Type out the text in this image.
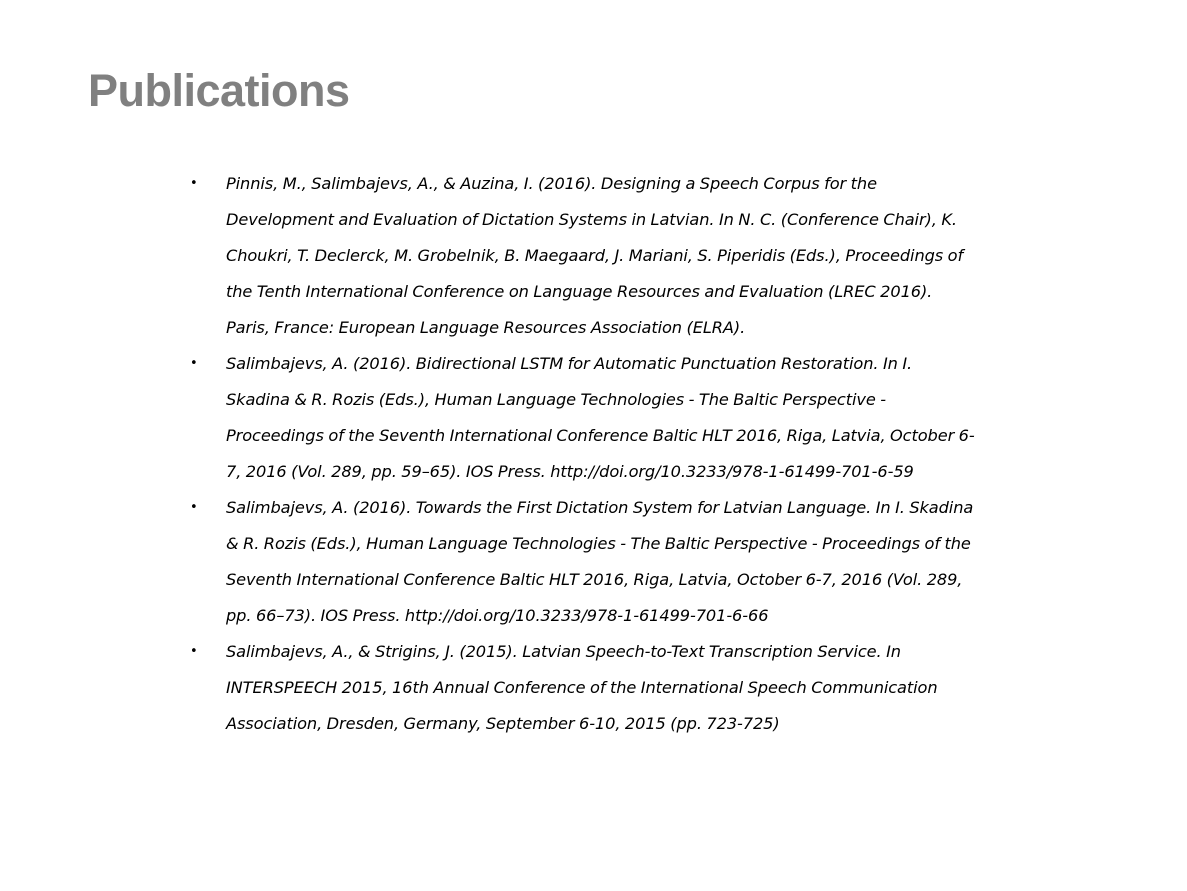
Publications
• Pinnis, M., Salimbajevs, A., & Auzina, I. (2016). Designing a Speech Corpus for the Development and Evaluation of Dictation Systems in Latvian. In N. C. (Conference Chair), K. Choukri, T. Declerck, M. Grobelnik, B. Maegaard, J. Mariani, S. Piperidis (Eds.), Proceedings of the Tenth International Conference on Language Resources and Evaluation (LREC 2016). Paris, France: European Language Resources Association (ELRA).
• Salimbajevs, A. (2016). Bidirectional LSTM for Automatic Punctuation Restoration. In I. Skadina & R. Rozis (Eds.), Human Language Technologies - The Baltic Perspective - Proceedings of the Seventh International Conference Baltic HLT 2016, Riga, Latvia, October 6-7, 2016 (Vol. 289, pp. 59–65). IOS Press. http://doi.org/10.3233/978-1-61499-701-6-59
• Salimbajevs, A. (2016). Towards the First Dictation System for Latvian Language. In I. Skadina & R. Rozis (Eds.), Human Language Technologies - The Baltic Perspective - Proceedings of the Seventh International Conference Baltic HLT 2016, Riga, Latvia, October 6-7, 2016 (Vol. 289, pp. 66–73). IOS Press. http://doi.org/10.3233/978-1-61499-701-6-66
• Salimbajevs, A., & Strigins, J. (2015). Latvian Speech-to-Text Transcription Service. In INTERSPEECH 2015, 16th Annual Conference of the International Speech Communication Association, Dresden, Germany, September 6-10, 2015 (pp. 723-725)
